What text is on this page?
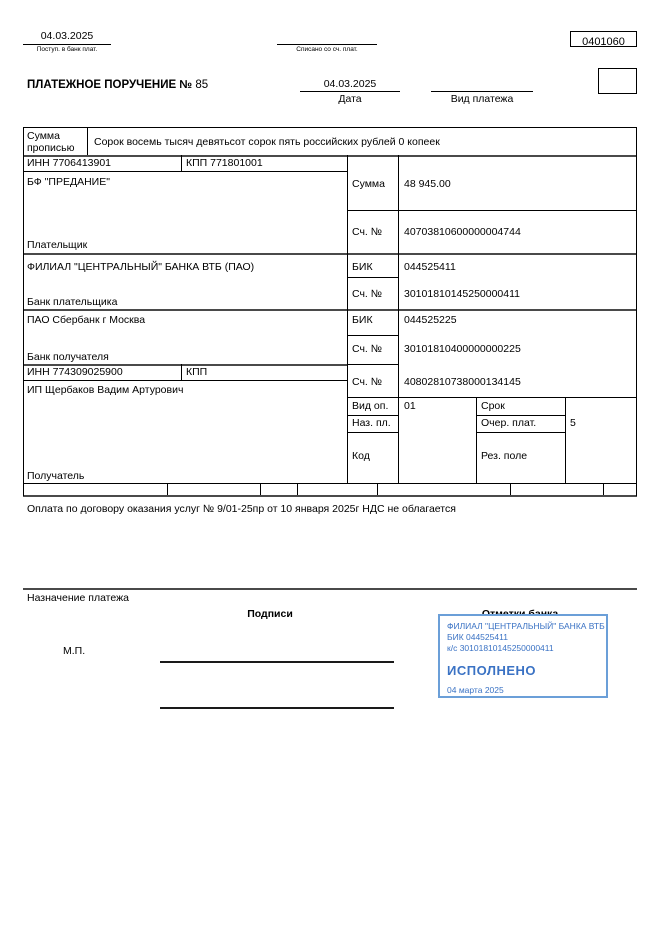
04.03.2025
Поступ. в банк плат.	Списано со сч. плат.
0401060
ПЛАТЕЖНОЕ ПОРУЧЕНИЕ № 85	04.03.2025
Дата	Вид платежа
Сумма прописью	Сорок восемь тысяч девятьсот сорок пять российских рублей 0 копеек
ИНН 7706413901	КПП 771801001
БФ "ПРЕДАНИЕ"
Плательщик
Сумма 48 945.00
Сч. № 40703810600000004744
ФИЛИАЛ "ЦЕНТРАЛЬНЫЙ" БАНКА ВТБ (ПАО)	БИК	044525411
Сч. № 30101810145250000411
Банк плательщика
ПАО Сбербанк г Москва	БИК	044525225
Сч. № 30101810400000000225
Банк получателя
ИНН 774309025900	КПП
ИП Щербаков Вадим Артурович
Сч. № 40802810738000134145
Получатель
Вид оп. 01	Срок
Наз. пл.	Очер. плат.	5
Код	Рез. поле
Оплата по договору оказания услуг № 9/01-25пр от 10 января 2025г НДС не облагается
Назначение платежа
Подписи
М.П.
ФИЛИАЛ "ЦЕНТРАЛЬНЫЙ" БАНКА ВТБ
БИК 044525411
к/с 30101810145250000411
ИСПОЛНЕНО
04 марта 2025
